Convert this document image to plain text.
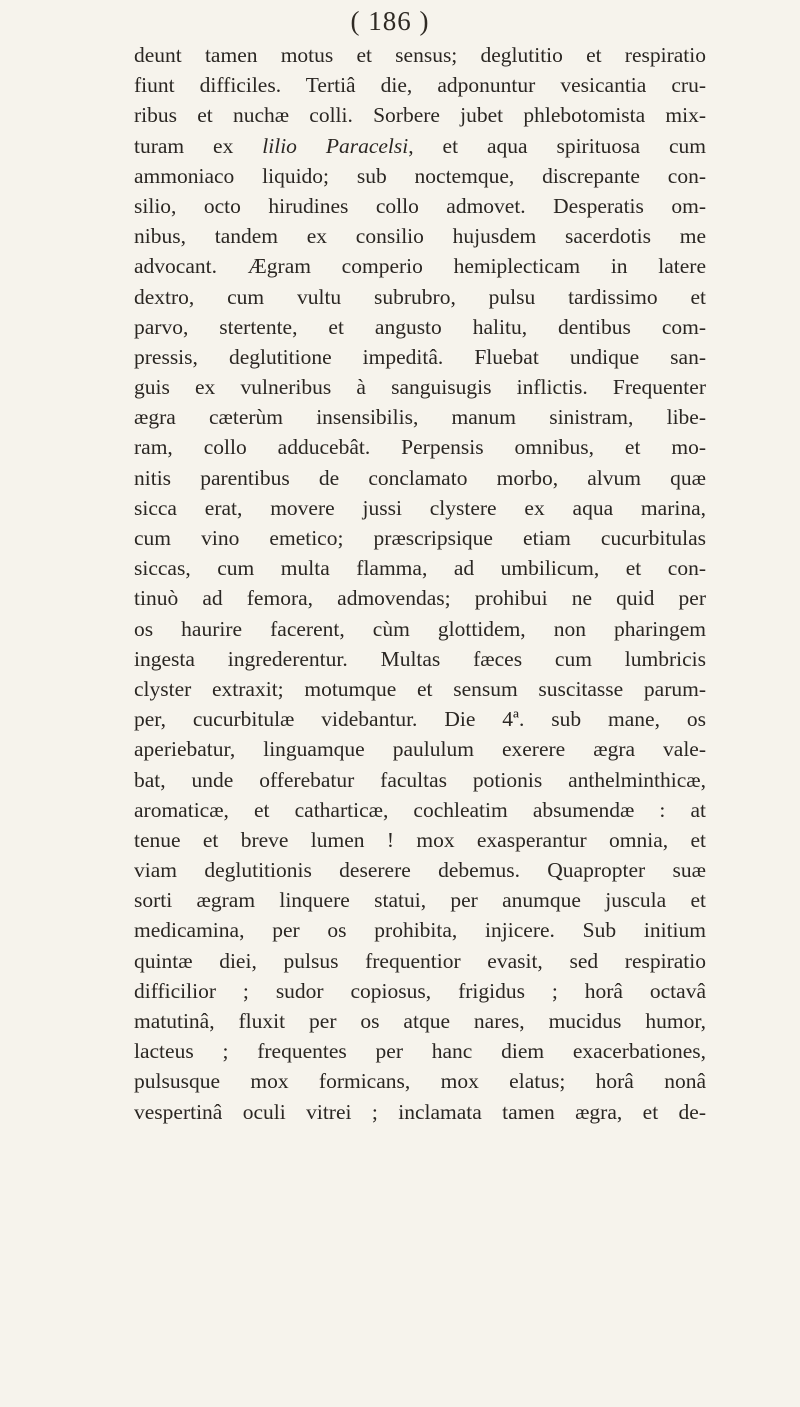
( 186 )
deunt tamen motus et sensus; deglutitio et respiratio
fiunt difficiles. Tertiâ die, adponuntur vesicantia cru-
ribus et nuchæ colli. Sorbere jubet phlebotomista mix-
turam ex lilio Paracelsi, et aqua spirituosa cum
ammoniaco liquido; sub noctemque, discrepante con-
silio, octo hirudines collo admovet. Desperatis om-
nibus, tandem ex consilio hujusdem sacerdotis me
advocant. Ægram comperio hemiplecticam in latere
dextro, cum vultu subrubro, pulsu tardissimo et
parvo, stertente, et angusto halitu, dentibus com-
pressis, deglutitione impeditâ. Fluebat undique san-
guis ex vulneribus à sanguisugis inflictis. Frequenter
ægra cæterùm insensibilis, manum sinistram, libe-
ram, collo adducebât. Perpensis omnibus, et mo-
nitis parentibus de conclamato morbo, alvum quæ
sicca erat, movere jussi clystere ex aqua marina,
cum vino emetico; præscripsique etiam cucurbitulas
siccas, cum multa flamma, ad umbilicum, et con-
tinuò ad femora, admovendas; prohibui ne quid per
os haurire facerent, cùm glottidem, non pharingem
ingesta ingrederentur. Multas fæces cum lumbricis
clyster extraxit; motumque et sensum suscitasse parum-
per, cucurbitulæ videbantur. Die 4ª. sub mane, os
aperiebatur, linguamque paululum exerere ægra vale-
bat, unde offerebatur facultas potionis anthelminthicæ,
aromaticæ, et catharticæ, cochleatim absumendæ : at
tenue et breve lumen ! mox exasperantur omnia, et
viam deglutitionis deserere debemus. Quapropter suæ
sorti ægram linquere statui, per anumque juscula et
medicamina, per os prohibita, injicere. Sub initium
quintæ diei, pulsus frequentior evasit, sed respiratio
difficilior ; sudor copiosus, frigidus ; horâ octavâ
matutinâ, fluxit per os atque nares, mucidus humor,
lacteus ; frequentes per hanc diem exacerbationes,
pulsusque mox formicans, mox elatus; horâ nonâ
vespertinâ oculi vitrei ; inclamata tamen ægra, et de-
